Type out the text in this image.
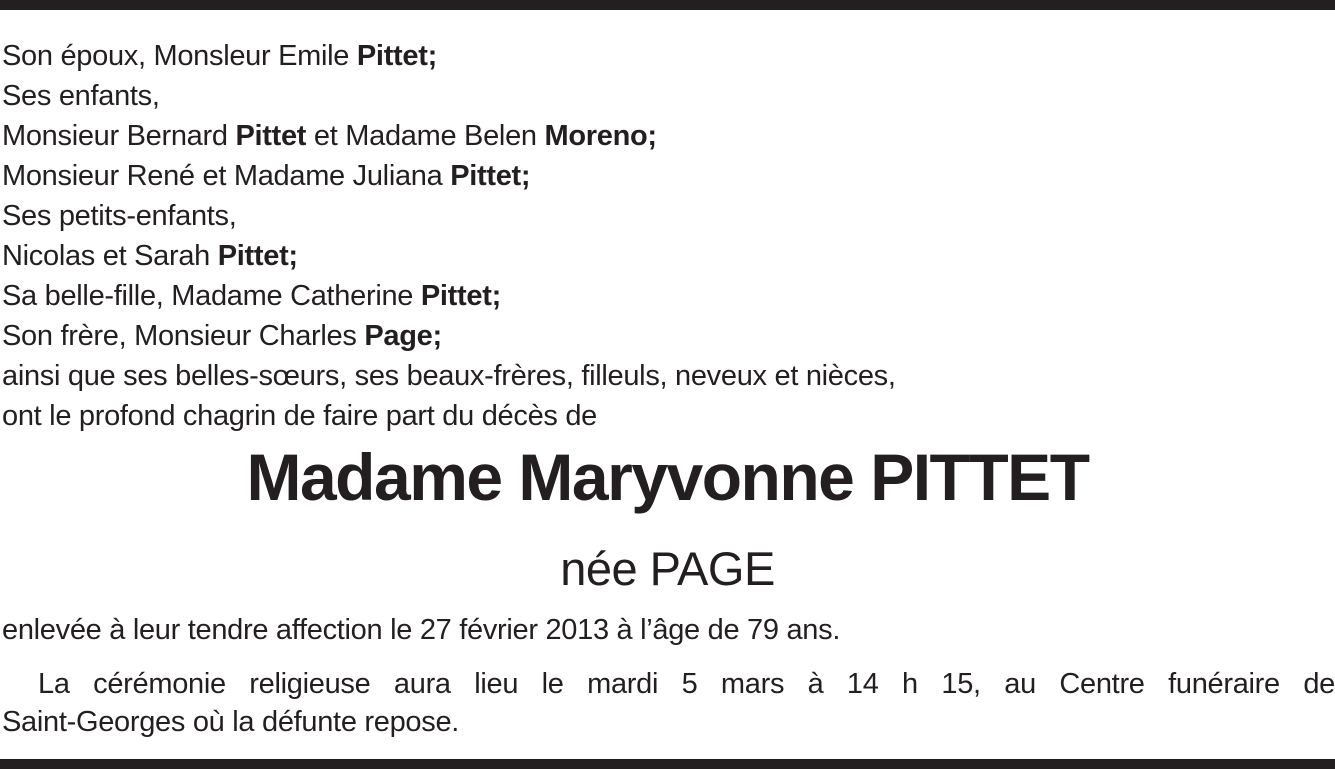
Son époux, Monsleur Emile Pittet;
Ses enfants,
Monsieur Bernard Pittet et Madame Belen Moreno;
Monsieur René et Madame Juliana Pittet;
Ses petits-enfants,
Nicolas et Sarah Pittet;
Sa belle-fille, Madame Catherine Pittet;
Son frère, Monsieur Charles Page;
ainsi que ses belles-sœurs, ses beaux-frères, filleuls, neveux et nièces,
ont le profond chagrin de faire part du décès de
Madame Maryvonne PITTET
née PAGE
enlevée à leur tendre affection le 27 février 2013 à l’âge de 79 ans.
La cérémonie religieuse aura lieu le mardi 5 mars à 14 h 15, au Centre funéraire de
Saint-Georges où la défunte repose.
